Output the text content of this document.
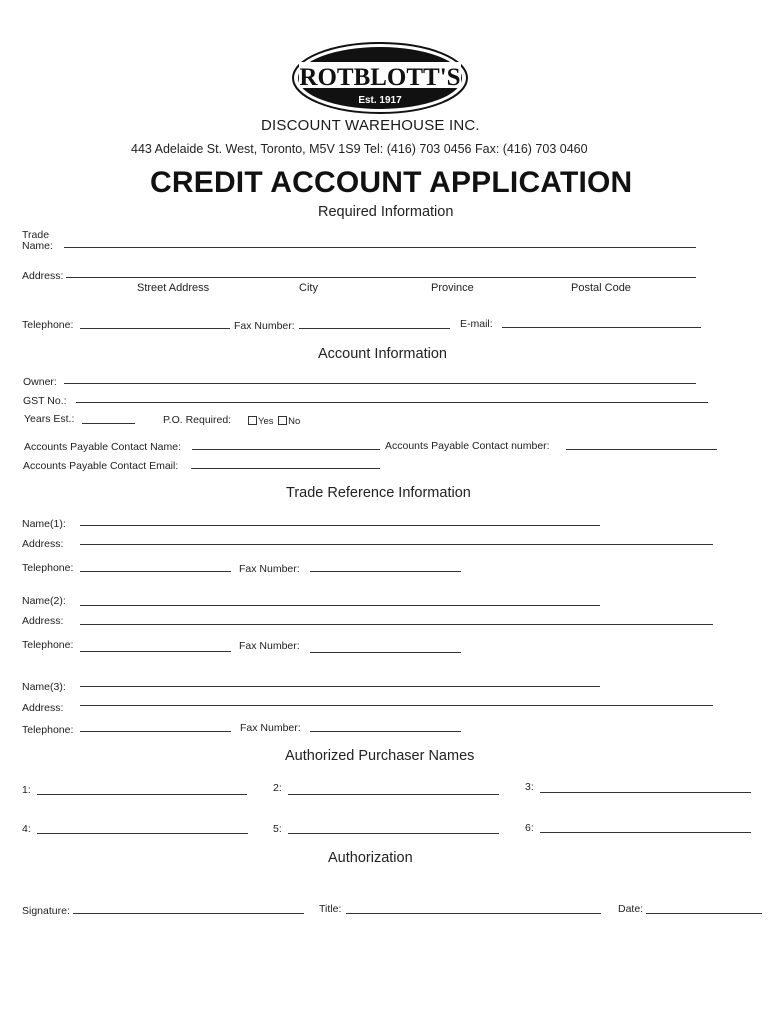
ROTBLOTT'S
Est. 1917
DISCOUNT WAREHOUSE INC.
443 Adelaide St. West, Toronto, M5V 1S9 Tel: (416) 703 0456 Fax: (416) 703 0460
CREDIT ACCOUNT APPLICATION
Required Information
Trade
Name:
Address:
Street Address	City	Province	Postal Code
Telephone:	Fax Number:	E-mail:
Account Information
Owner:
GST No.:
Years Est.:	P.O. Required:	Yes No
Accounts Payable Contact Name:	Accounts Payable Contact number:
Accounts Payable Contact Email:
Trade Reference Information
Name(1):
Address:
Telephone:	Fax Number:
Name(2):
Address:
Telephone:	Fax Number:
Name(3):
Address:
Telephone:	Fax Number:
Authorized Purchaser Names
1:	2:	3:
4:	5:	6:
Authorization
Signature:	Title:	Date:
